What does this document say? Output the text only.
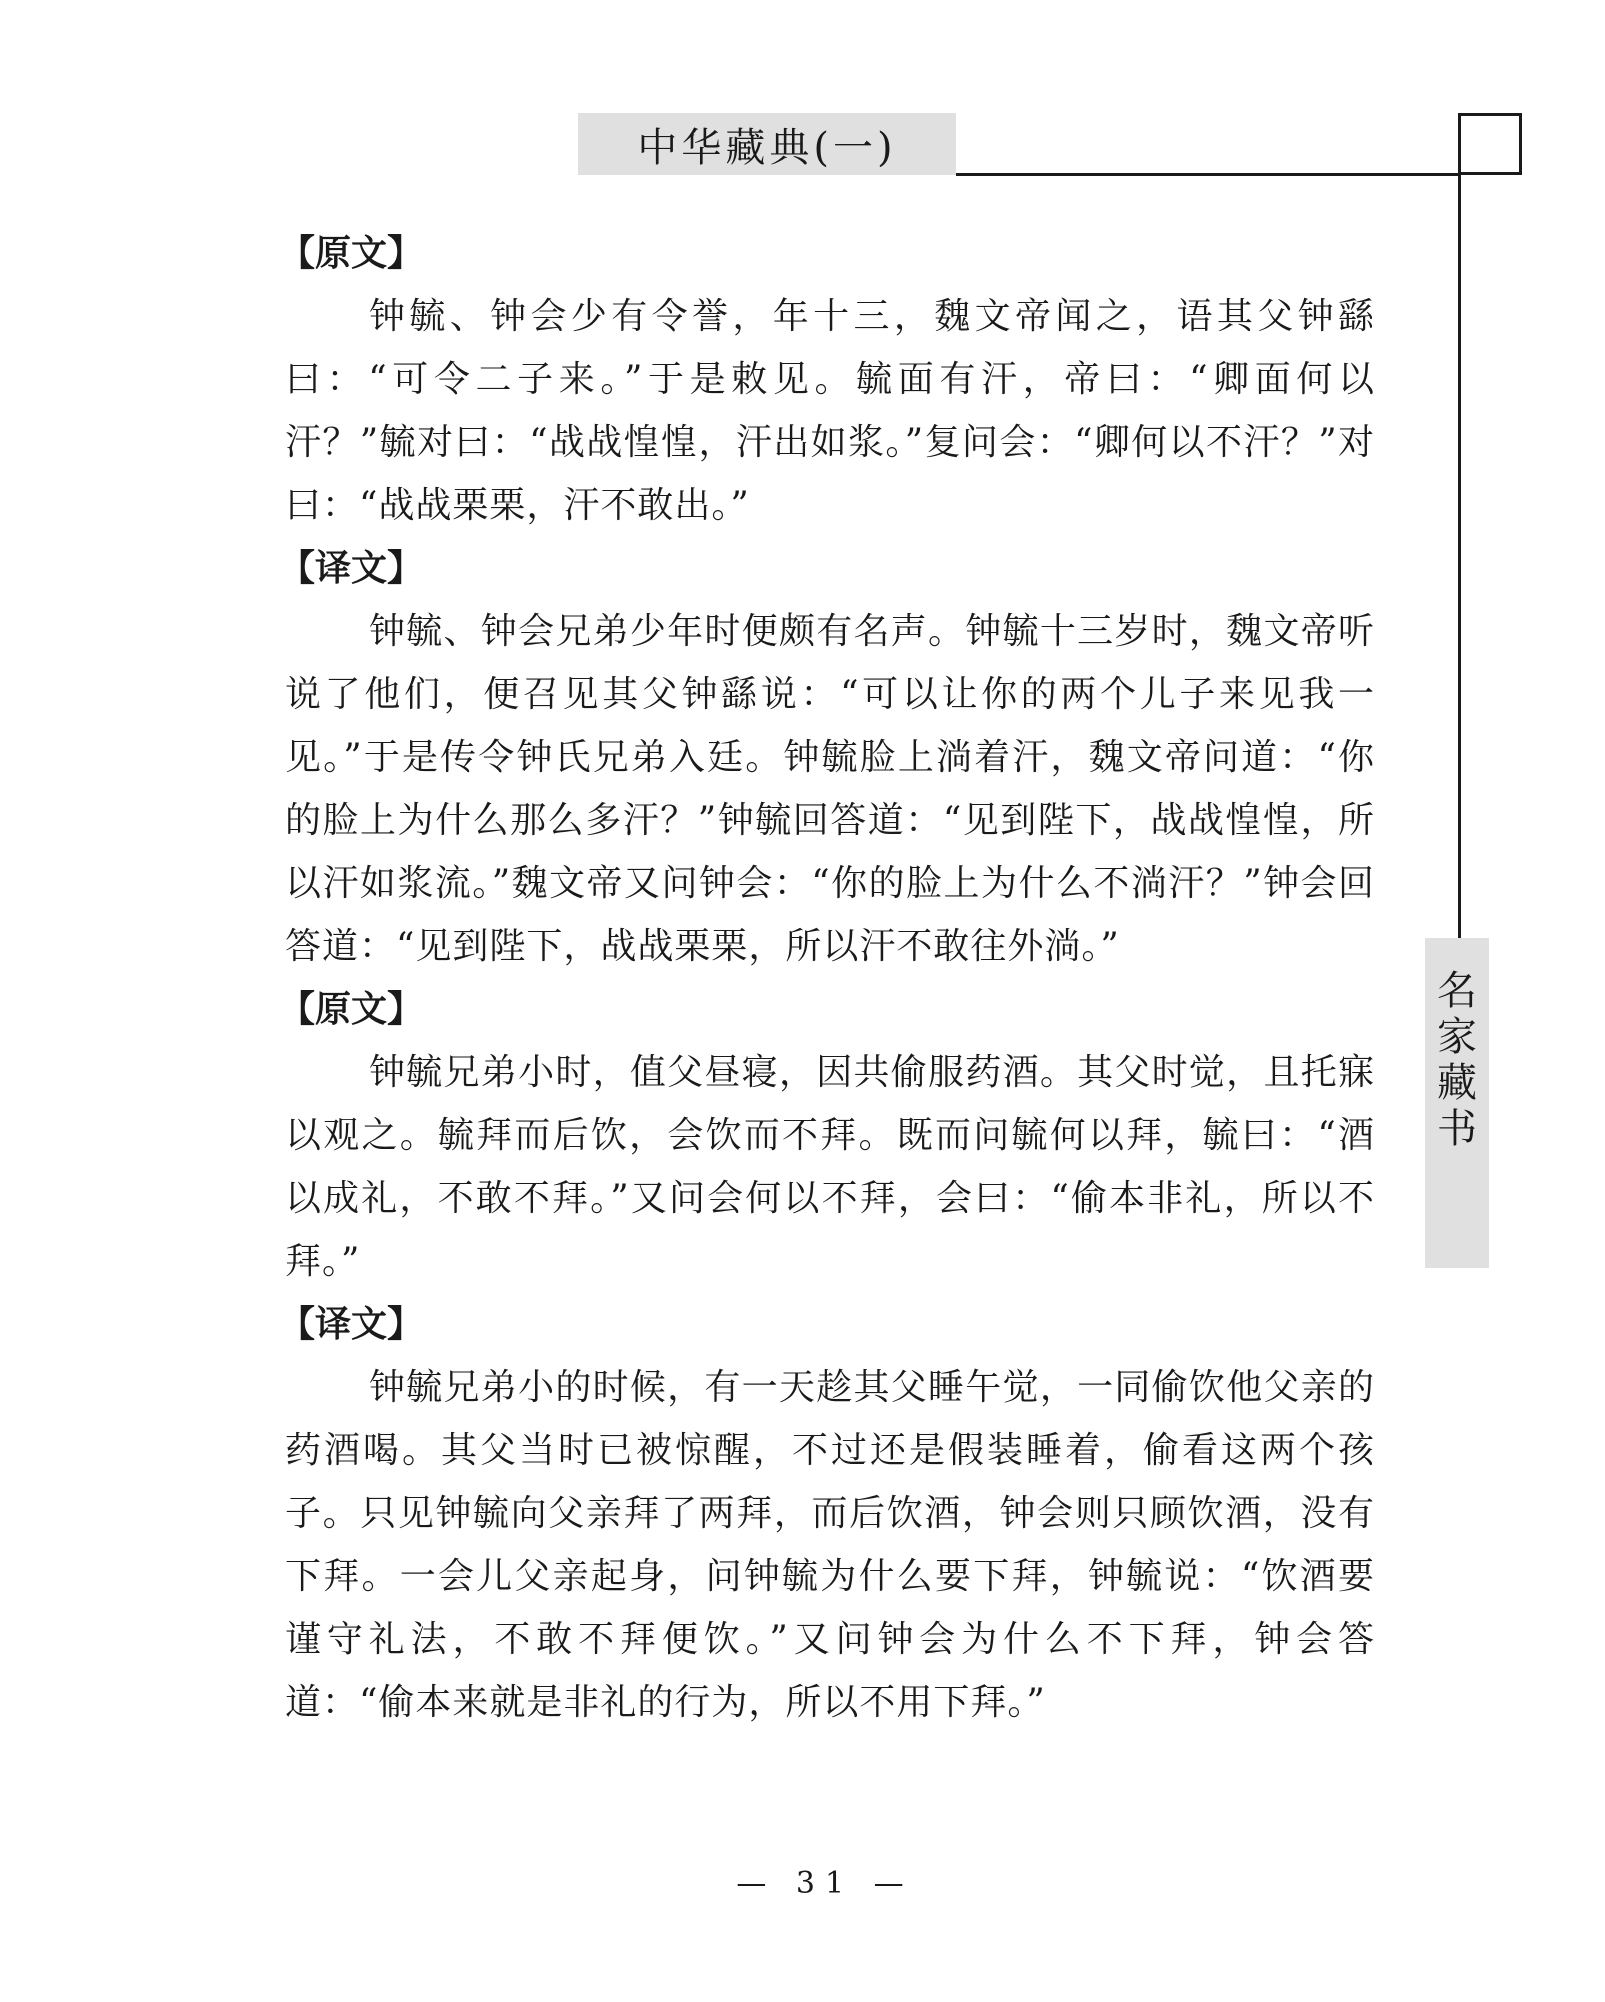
中华藏典(一)
名
家
藏
书
【原文】

钟毓、钟会少有令誉，年十三，魏文帝闻之，语其父钟繇曰：“可令二子来。”于是敕见。毓面有汗，帝曰：“卿面何以汗？”毓对曰：“战战惶惶，汗出如浆。”复问会：“卿何以不汗？”对曰：“战战栗栗，汗不敢出。”

【译文】

钟毓、钟会兄弟少年时便颇有名声。钟毓十三岁时，魏文帝听说了他们，便召见其父钟繇说：“可以让你的两个儿子来见我一见。”于是传令钟氏兄弟入廷。钟毓脸上淌着汗，魏文帝问道：“你的脸上为什么那么多汗？”钟毓回答道：“见到陛下，战战惶惶，所以汗如浆流。”魏文帝又问钟会：“你的脸上为什么不淌汗？”钟会回答道：“见到陛下，战战栗栗，所以汗不敢往外淌。”

【原文】

钟毓兄弟小时，值父昼寝，因共偷服药酒。其父时觉，且托寐以观之。毓拜而后饮，会饮而不拜。既而问毓何以拜，毓曰：“酒以成礼，不敢不拜。”又问会何以不拜，会曰：“偷本非礼，所以不拜。”

【译文】

钟毓兄弟小的时候，有一天趁其父睡午觉，一同偷饮他父亲的药酒喝。其父当时已被惊醒，不过还是假装睡着，偷看这两个孩子。只见钟毓向父亲拜了两拜，而后饮酒，钟会则只顾饮酒，没有下拜。一会儿父亲起身，问钟毓为什么要下拜，钟毓说：“饮酒要谨守礼法，不敢不拜便饮。”又问钟会为什么不下拜，钟会答道：“偷本来就是非礼的行为，所以不用下拜。”

— 31 —
